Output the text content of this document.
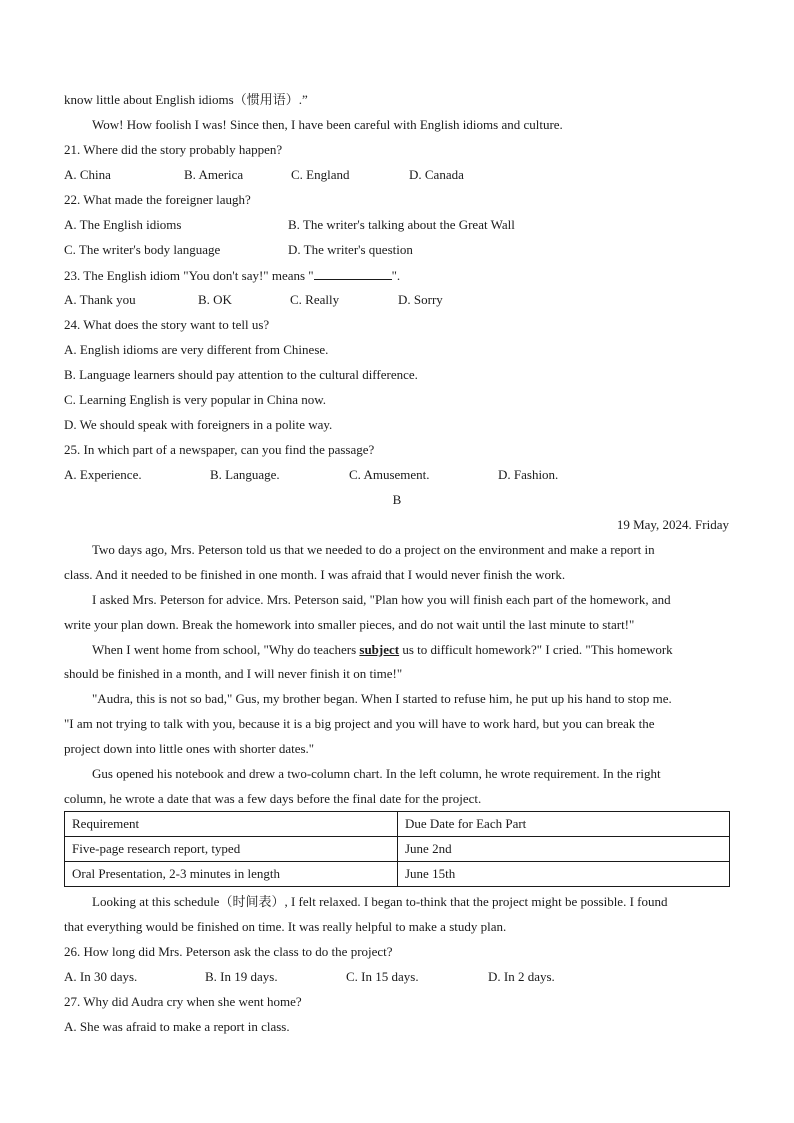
know little about English idioms（惯用语）.”
Wow! How foolish I was! Since then, I have been careful with English idioms and culture.
21. Where did the story probably happen?
A. China	B. America	C. England	D. Canada
22. What made the foreigner laugh?
A. The English idioms	B. The writer's talking about the Great Wall
C. The writer's body language	D. The writer's question
23. The English idiom "You don't say!" means "	".
A. Thank you	B. OK	C. Really	D. Sorry
24. What does the story want to tell us?
A. English idioms are very different from Chinese.
B. Language learners should pay attention to the cultural difference.
C. Learning English is very popular in China now.
D. We should speak with foreigners in a polite way.
25. In which part of a newspaper, can you find the passage?
A. Experience.	B. Language.	C. Amusement.	D. Fashion.
B
19 May, 2024. Friday
Two days ago, Mrs. Peterson told us that we needed to do a project on the environment and make a report in
class. And it needed to be finished in one month. I was afraid that I would never finish the work.
I asked Mrs. Peterson for advice. Mrs. Peterson said, "Plan how you will finish each part of the homework, and
write your plan down. Break the homework into smaller pieces, and do not wait until the last minute to start!"
When I went home from school, "Why do teachers subject us to difficult homework?" I cried. "This homework
should be finished in a month, and I will never finish it on time!"
"Audra, this is not so bad," Gus, my brother began. When I started to refuse him, he put up his hand to stop me.
"I am not trying to talk with you, because it is a big project and you will have to work hard, but you can break the
project down into little ones with shorter dates."
Gus opened his notebook and drew a two-column chart. In the left column, he wrote requirement. In the right
column, he wrote a date that was a few days before the final date for the project.
Requirement	Due Date for Each Part
Five-page research report, typed	June 2nd
Oral Presentation, 2-3 minutes in length	June 15th
Looking at this schedule（时间表）, I felt relaxed. I began to-think that the project might be possible. I found
that everything would be finished on time. It was really helpful to make a study plan.
26. How long did Mrs. Peterson ask the class to do the project?
A. In 30 days.	B. In 19 days.	C. In 15 days.	D. In 2 days.
27. Why did Audra cry when she went home?
A. She was afraid to make a report in class.
